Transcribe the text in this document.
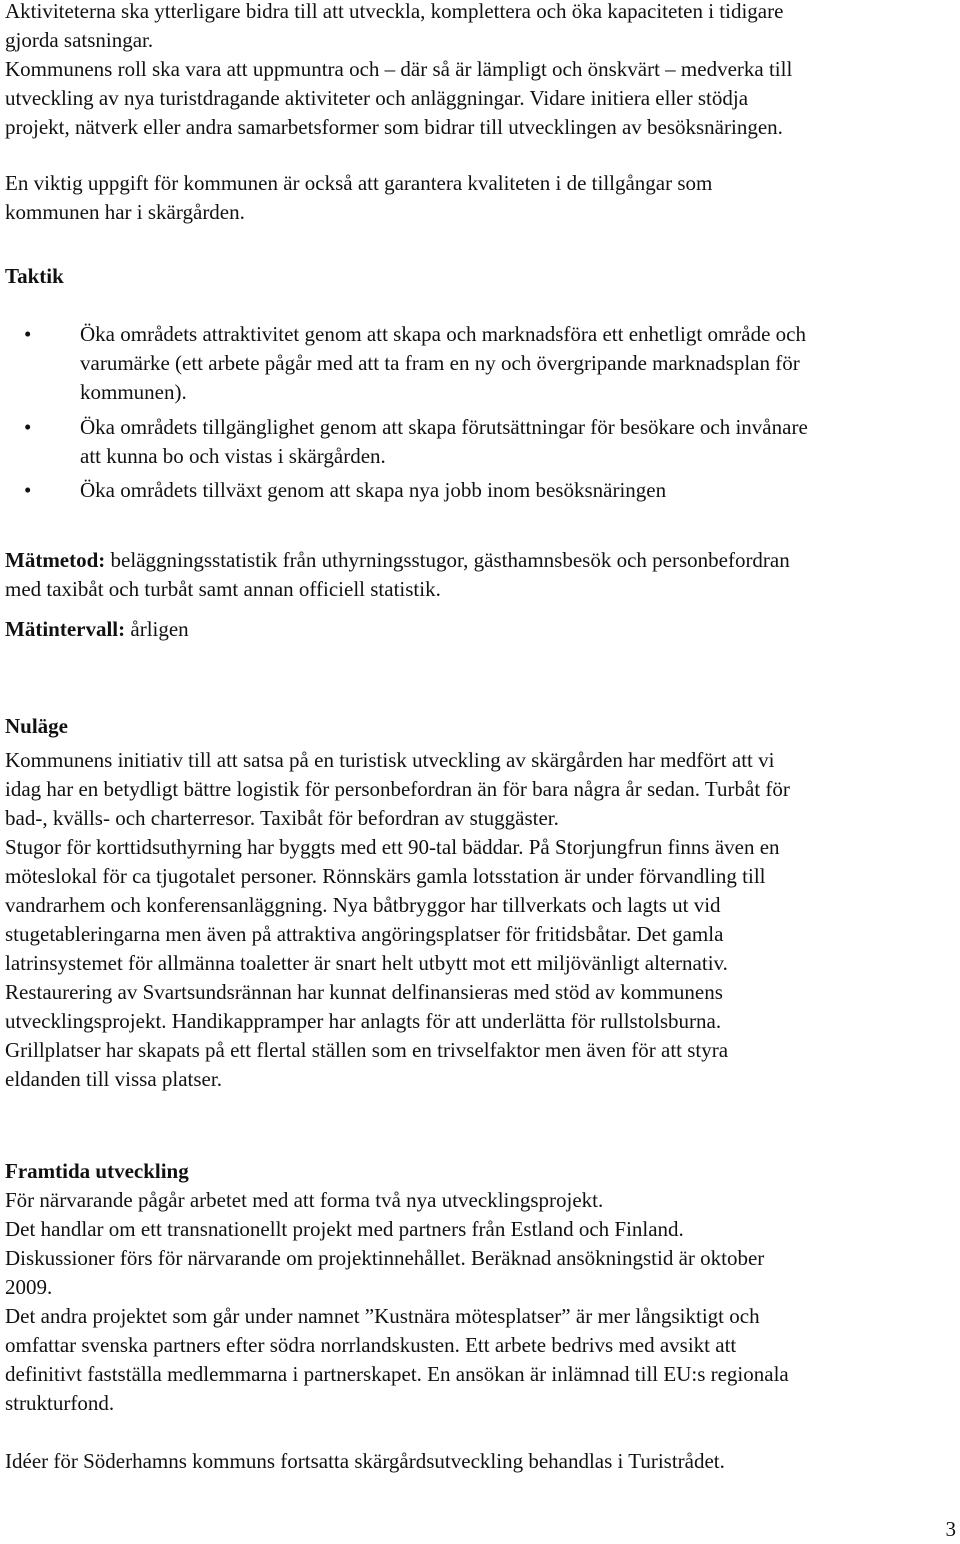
Aktiviteterna ska ytterligare bidra till att utveckla, komplettera och öka kapaciteten i tidigare
gjorda satsningar.
Kommunens roll ska vara att uppmuntra och – där så är lämpligt och önskvärt – medverka till
utveckling av nya turistdragande aktiviteter och anläggningar. Vidare initiera eller stödja
projekt, nätverk eller andra samarbetsformer som bidrar till utvecklingen av besöksnäringen.

En viktig uppgift för kommunen är också att garantera kvaliteten i de tillgångar som
kommunen har i skärgården.

Taktik

• Öka områdets attraktivitet genom att skapa och marknadsföra ett enhetligt område och
varumärke (ett arbete pågår med att ta fram en ny och övergripande marknadsplan för
kommunen).
• Öka områdets tillgänglighet genom att skapa förutsättningar för besökare och invånare
att kunna bo och vistas i skärgården.
• Öka områdets tillväxt genom att skapa nya jobb inom besöksnäringen

Mätmetod: beläggningsstatistik från uthyrningsstugor, gästhamnsbesök och personbefordran
med taxibåt och turbåt samt annan officiell statistik.

Mätintervall: årligen

Nuläge

Kommunens initiativ till att satsa på en turistisk utveckling av skärgården har medfört att vi
idag har en betydligt bättre logistik för personbefordran än för bara några år sedan. Turbåt för
bad-, kvälls- och charterresor. Taxibåt för befordran av stuggäster.
Stugor för korttidsuthyrning har byggts med ett 90-tal bäddar. På Storjungfrun finns även en
möteslokal för ca tjugotalet personer. Rönnskärs gamla lotsstation är under förvandling till
vandrarhem och konferensanläggning. Nya båtbryggor har tillverkats och lagts ut vid
stugetableringarna men även på attraktiva angöringsplatser för fritidsbåtar. Det gamla
latrinsystemet för allmänna toaletter är snart helt utbytt mot ett miljövänligt alternativ.
Restaurering av Svartsundsrännan har kunnat delfinansieras med stöd av kommunens
utvecklingsprojekt. Handikappramper har anlagts för att underlätta för rullstolsburna.
Grillplatser har skapats på ett flertal ställen som en trivselfaktor men även för att styra
eldanden till vissa platser.

Framtida utveckling

För närvarande pågår arbetet med att forma två nya utvecklingsprojekt.
Det handlar om ett transnationellt projekt med partners från Estland och Finland.
Diskussioner förs för närvarande om projektinnehållet. Beräknad ansökningstid är oktober
2009.
Det andra projektet som går under namnet ”Kustnära mötesplatser” är mer långsiktigt och
omfattar svenska partners efter södra norrlandskusten. Ett arbete bedrivs med avsikt att
definitivt fastställa medlemmarna i partnerskapet. En ansökan är inlämnad till EU:s regionala
strukturfond.

Idéer för Söderhamns kommuns fortsatta skärgårdsutveckling behandlas i Turistrådet.

3
